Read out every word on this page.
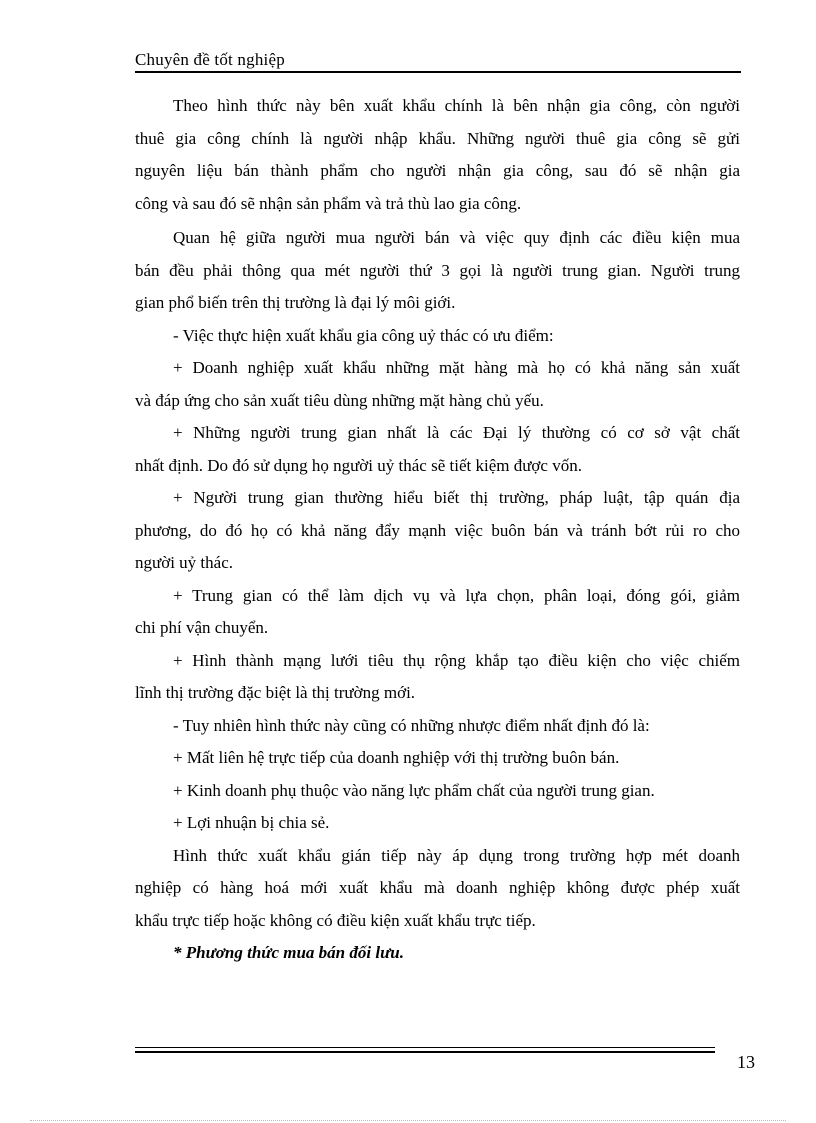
Chuyên đề tốt nghiệp
Theo hình thức này bên xuất khẩu chính là bên nhận gia công, còn người
thuê gia công chính là người nhập khẩu. Những người thuê gia công sẽ gửi
nguyên liệu bán thành phẩm cho người nhận gia công, sau đó sẽ nhận gia
công và sau đó sẽ nhận sản phẩm và trả thù lao gia công.
Quan hệ giữa người mua người bán và việc quy định các điều kiện mua
bán đều phải thông qua mét người thứ 3 gọi là người trung gian. Người trung
gian phổ biến trên thị trường là đại lý môi giới.
- Việc thực hiện xuất khẩu gia công uỷ thác có ưu điểm:
+ Doanh nghiệp xuất khẩu những mặt hàng mà họ có khả năng sản xuất
và đáp ứng cho sản xuất tiêu dùng những mặt hàng chủ yếu.
+ Những người trung gian nhất là các Đại lý thường có cơ sở vật chất
nhất định. Do đó sử dụng họ người uỷ thác sẽ tiết kiệm được vốn.
+ Người trung gian thường hiểu biết thị trường, pháp luật, tập quán địa
phương, do đó họ có khả năng đẩy mạnh việc buôn bán và tránh bớt rủi ro cho
người uỷ thác.
+ Trung gian có thể làm dịch vụ và lựa chọn, phân loại, đóng gói, giảm
chi phí vận chuyển.
+ Hình thành mạng lưới tiêu thụ rộng khắp tạo điều kiện cho việc chiếm
lĩnh thị trường đặc biệt là thị trường mới.
- Tuy nhiên hình thức này cũng có những nhược điểm nhất định đó là:
+ Mất liên hệ trực tiếp của doanh nghiệp với thị trường buôn bán.
+ Kinh doanh phụ thuộc vào năng lực phẩm chất của người trung gian.
+ Lợi nhuận bị chia sẻ.
Hình thức xuất khẩu gián tiếp này áp dụng trong trường hợp mét doanh
nghiệp có hàng hoá mới xuất khẩu mà doanh nghiệp không được phép xuất
khẩu trực tiếp hoặc không có điều kiện xuất khẩu trực tiếp.
* Phương thức mua bán đối lưu.
13
